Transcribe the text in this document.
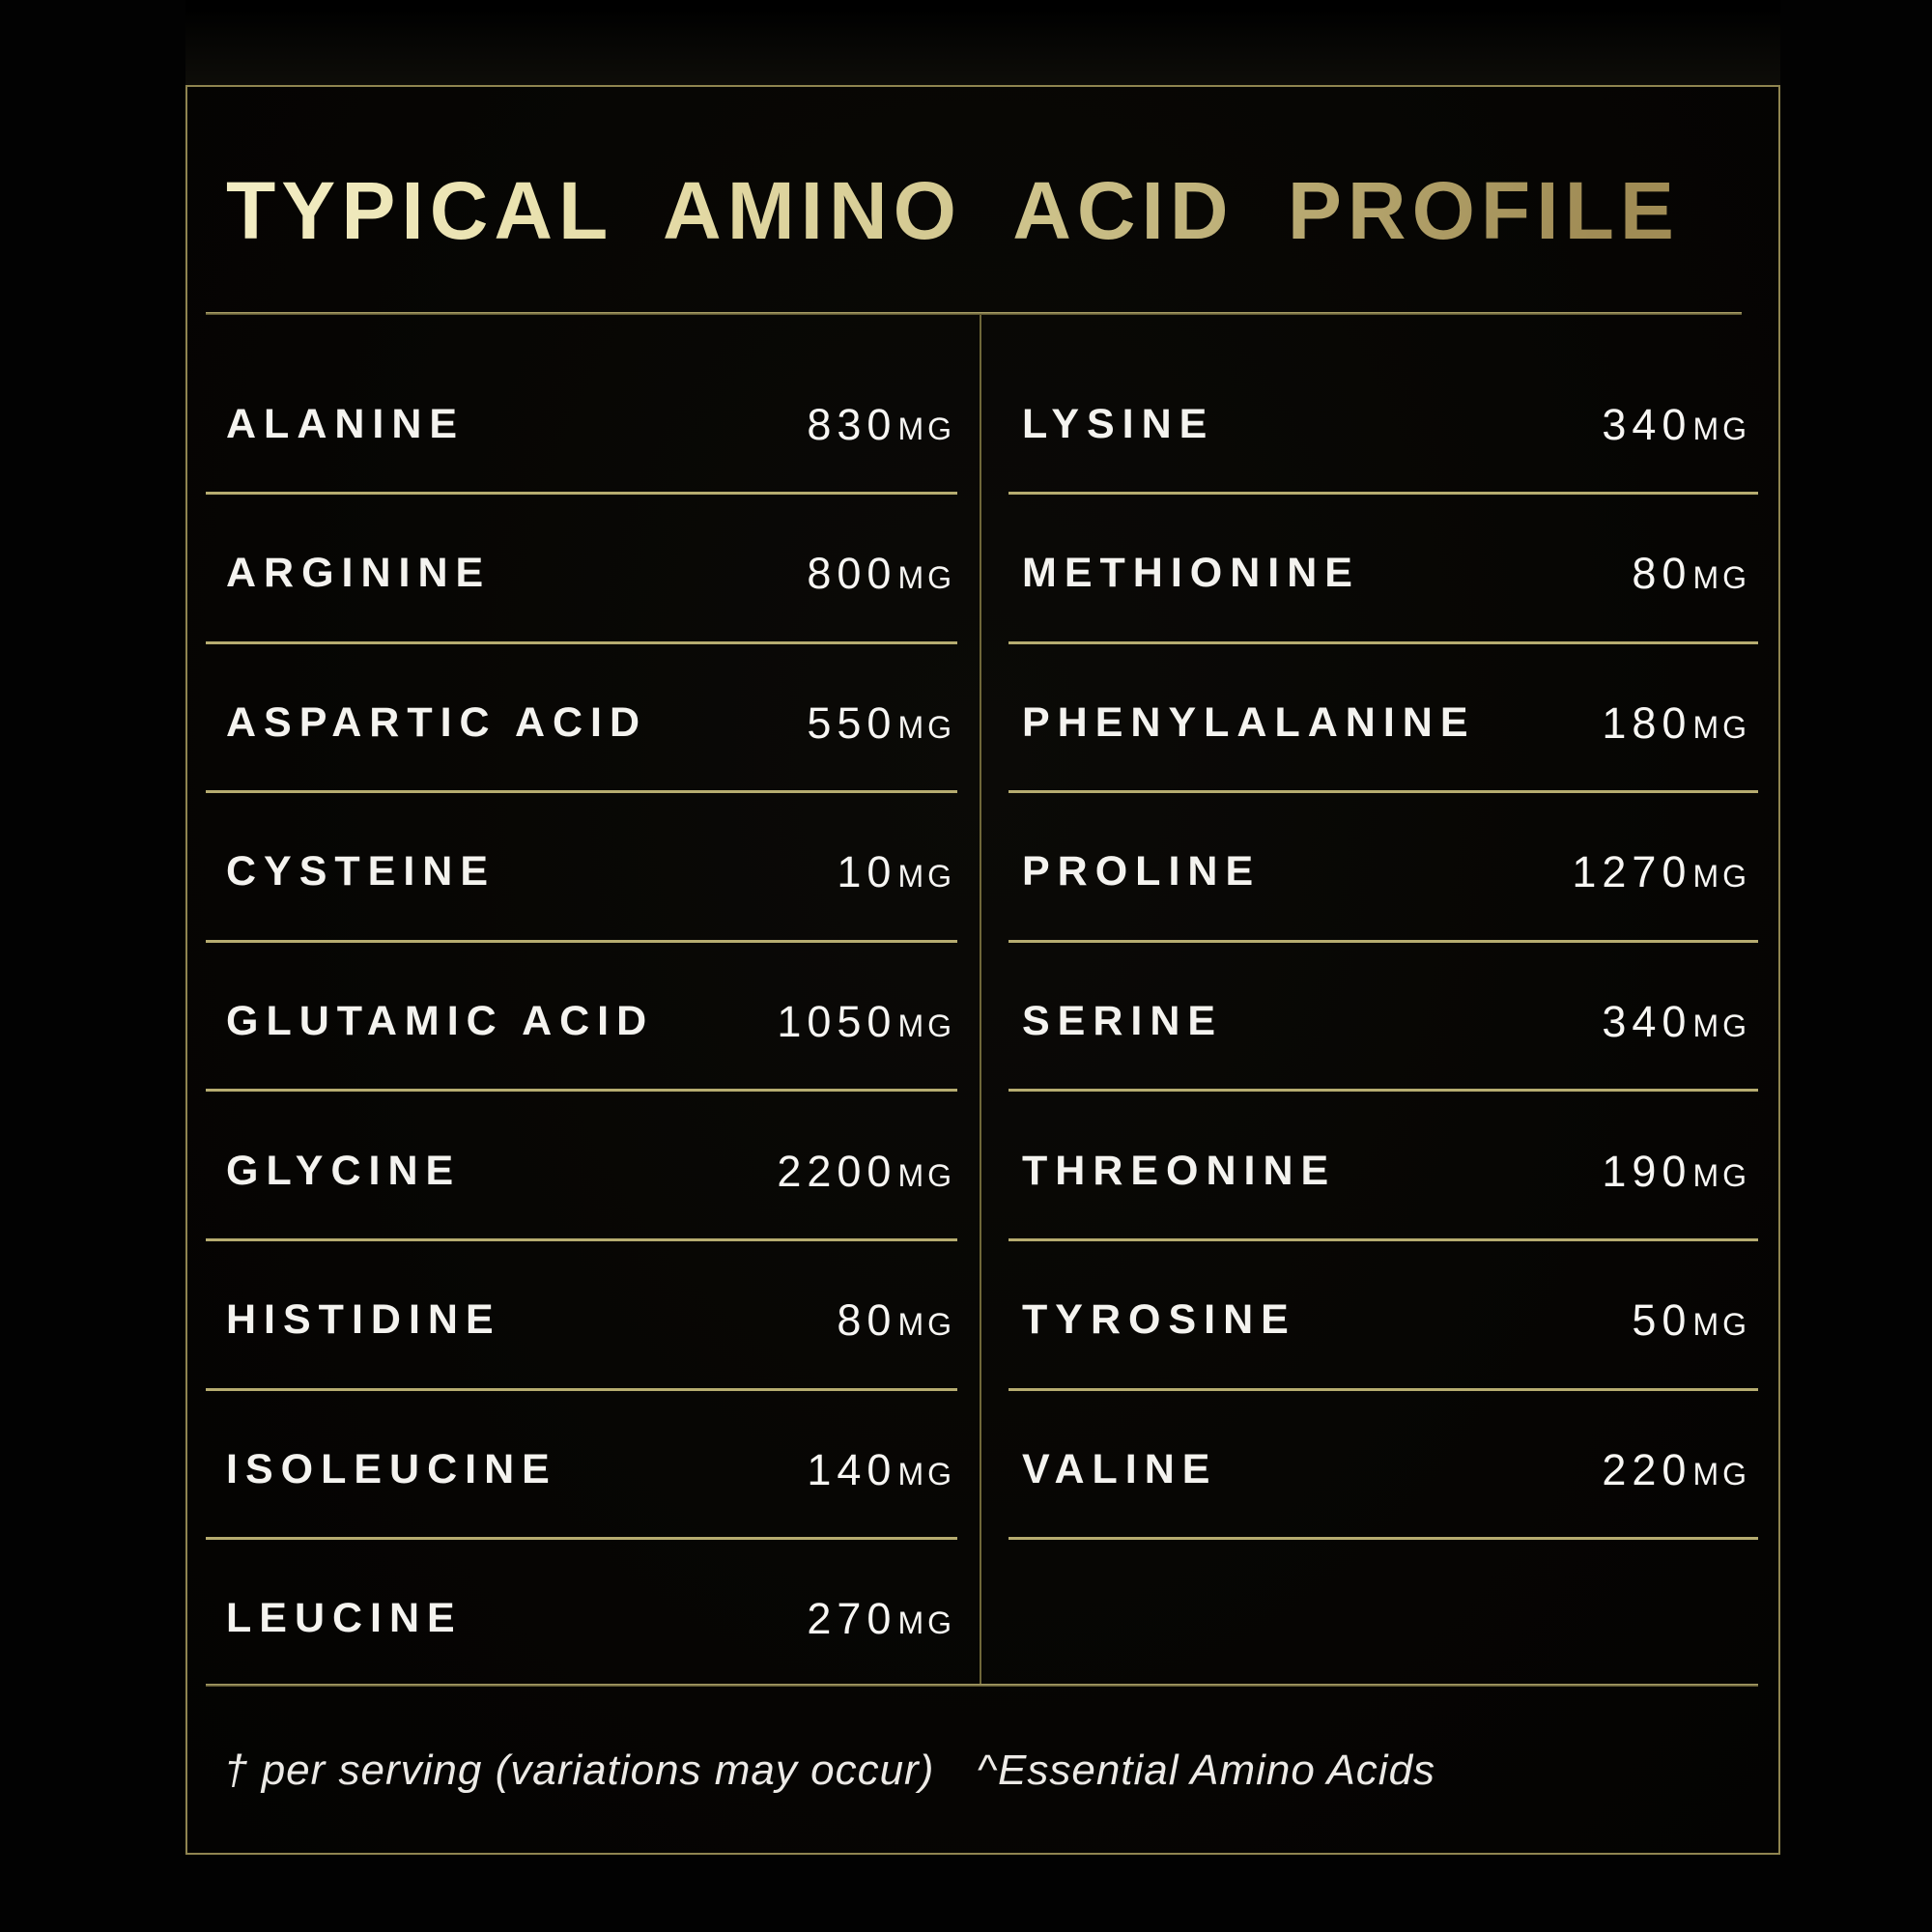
TYPICAL AMINO ACID PROFILE †
ALANINE	830MG
ARGININE	800MG
ASPARTIC ACID	550MG
CYSTEINE	10MG
GLUTAMIC ACID	1050MG
GLYCINE	2200MG
HISTIDINE	80MG
ISOLEUCINE	140MG
LEUCINE	270MG
LYSINE	340MG
METHIONINE	80MG
PHENYLALANINE	180MG
PROLINE	1270MG
SERINE	340MG
THREONINE	190MG
TYROSINE	50MG
VALINE	220MG
† per serving (variations may occur) ^Essential Amino Acids
